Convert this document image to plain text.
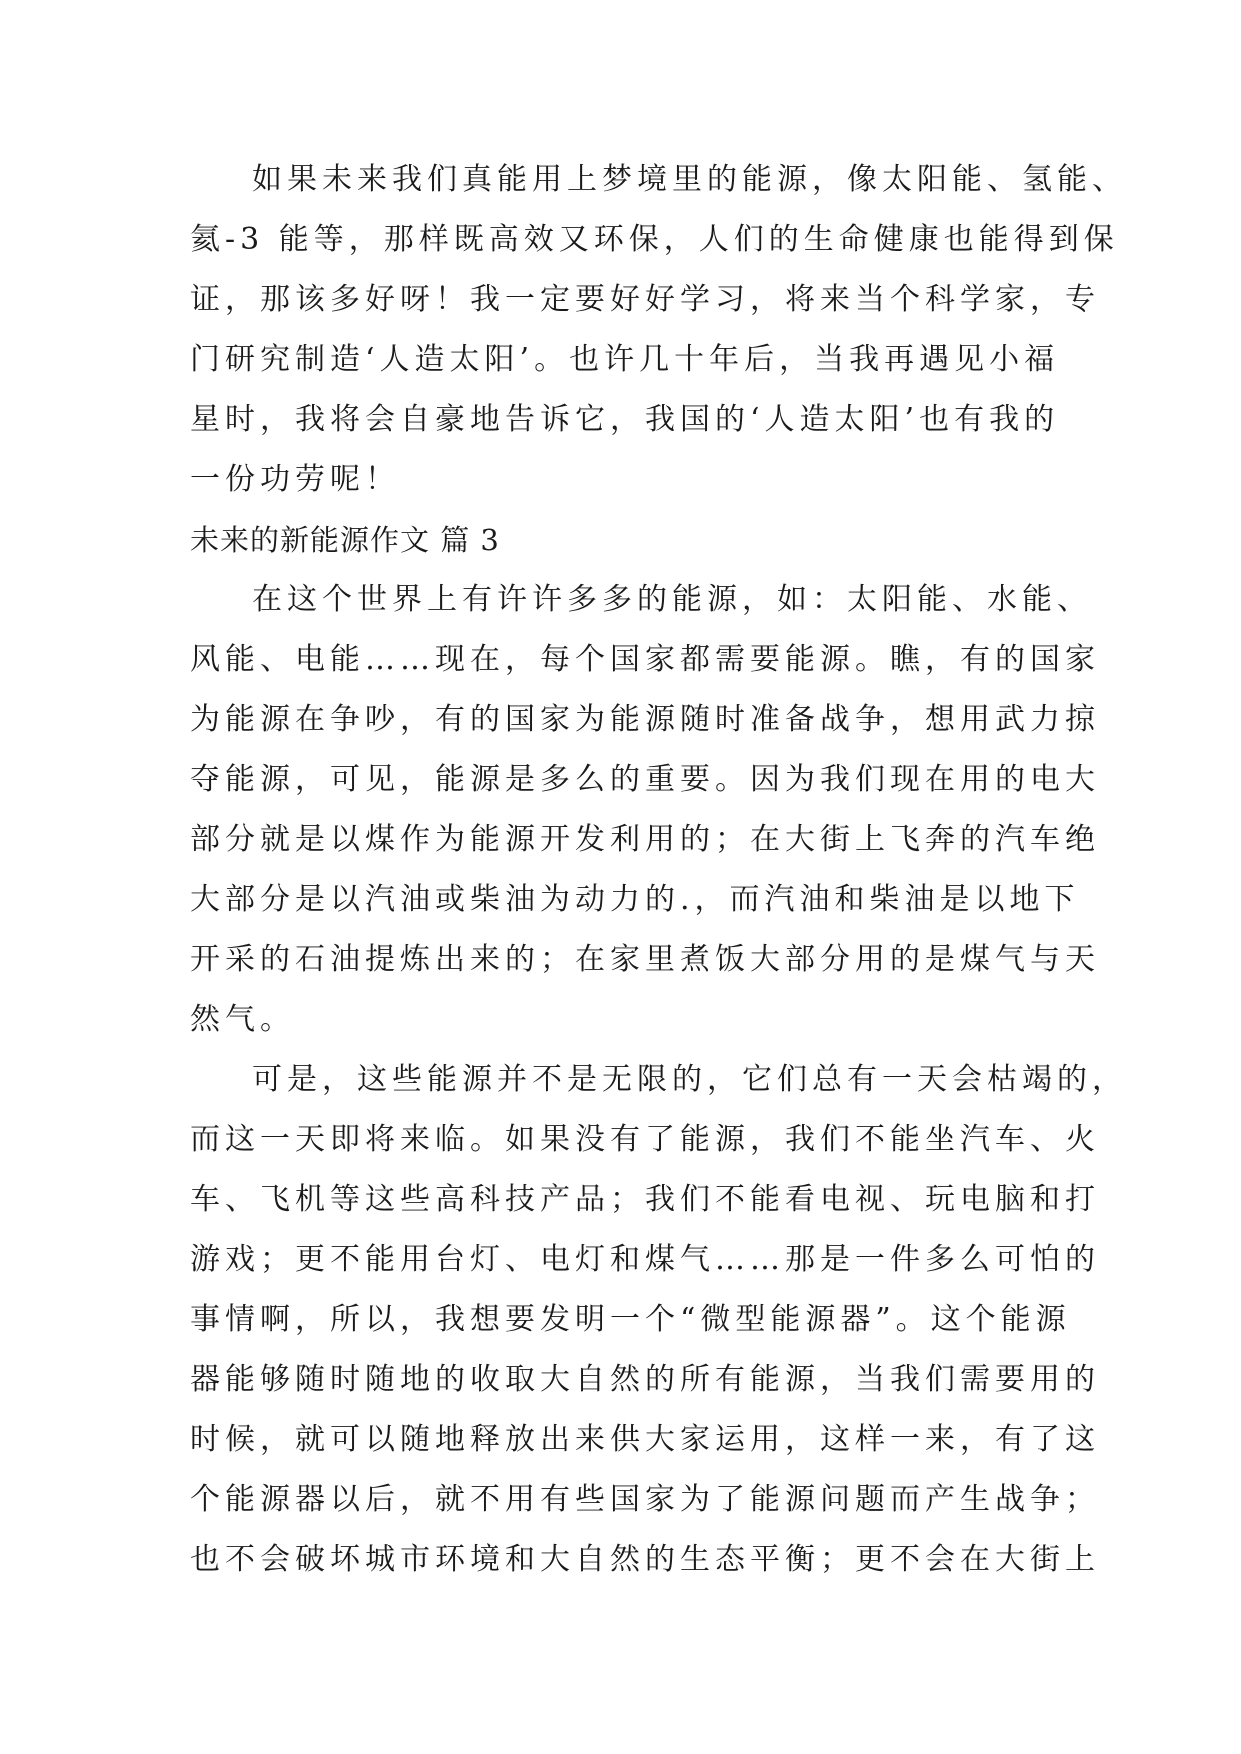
如果未来我们真能用上梦境里的能源，像太阳能、氢能、
氦-3 能等，那样既高效又环保，人们的生命健康也能得到保
证，那该多好呀！我一定要好好学习，将来当个科学家，专
门研究制造‘人造太阳’。也许几十年后，当我再遇见小福
星时，我将会自豪地告诉它，我国的‘人造太阳’也有我的
一份功劳呢！
未来的新能源作文 篇 3
在这个世界上有许许多多的能源，如：太阳能、水能、
风能、电能……现在，每个国家都需要能源。瞧，有的国家
为能源在争吵，有的国家为能源随时准备战争，想用武力掠
夺能源，可见，能源是多么的重要。因为我们现在用的电大
部分就是以煤作为能源开发利用的；在大街上飞奔的汽车绝
大部分是以汽油或柴油为动力的.，而汽油和柴油是以地下
开采的石油提炼出来的；在家里煮饭大部分用的是煤气与天
然气。
可是，这些能源并不是无限的，它们总有一天会枯竭的，
而这一天即将来临。如果没有了能源，我们不能坐汽车、火
车、飞机等这些高科技产品；我们不能看电视、玩电脑和打
游戏；更不能用台灯、电灯和煤气……那是一件多么可怕的
事情啊，所以，我想要发明一个“微型能源器”。这个能源
器能够随时随地的收取大自然的所有能源，当我们需要用的
时候，就可以随地释放出来供大家运用，这样一来，有了这
个能源器以后，就不用有些国家为了能源问题而产生战争；
也不会破坏城市环境和大自然的生态平衡；更不会在大街上
